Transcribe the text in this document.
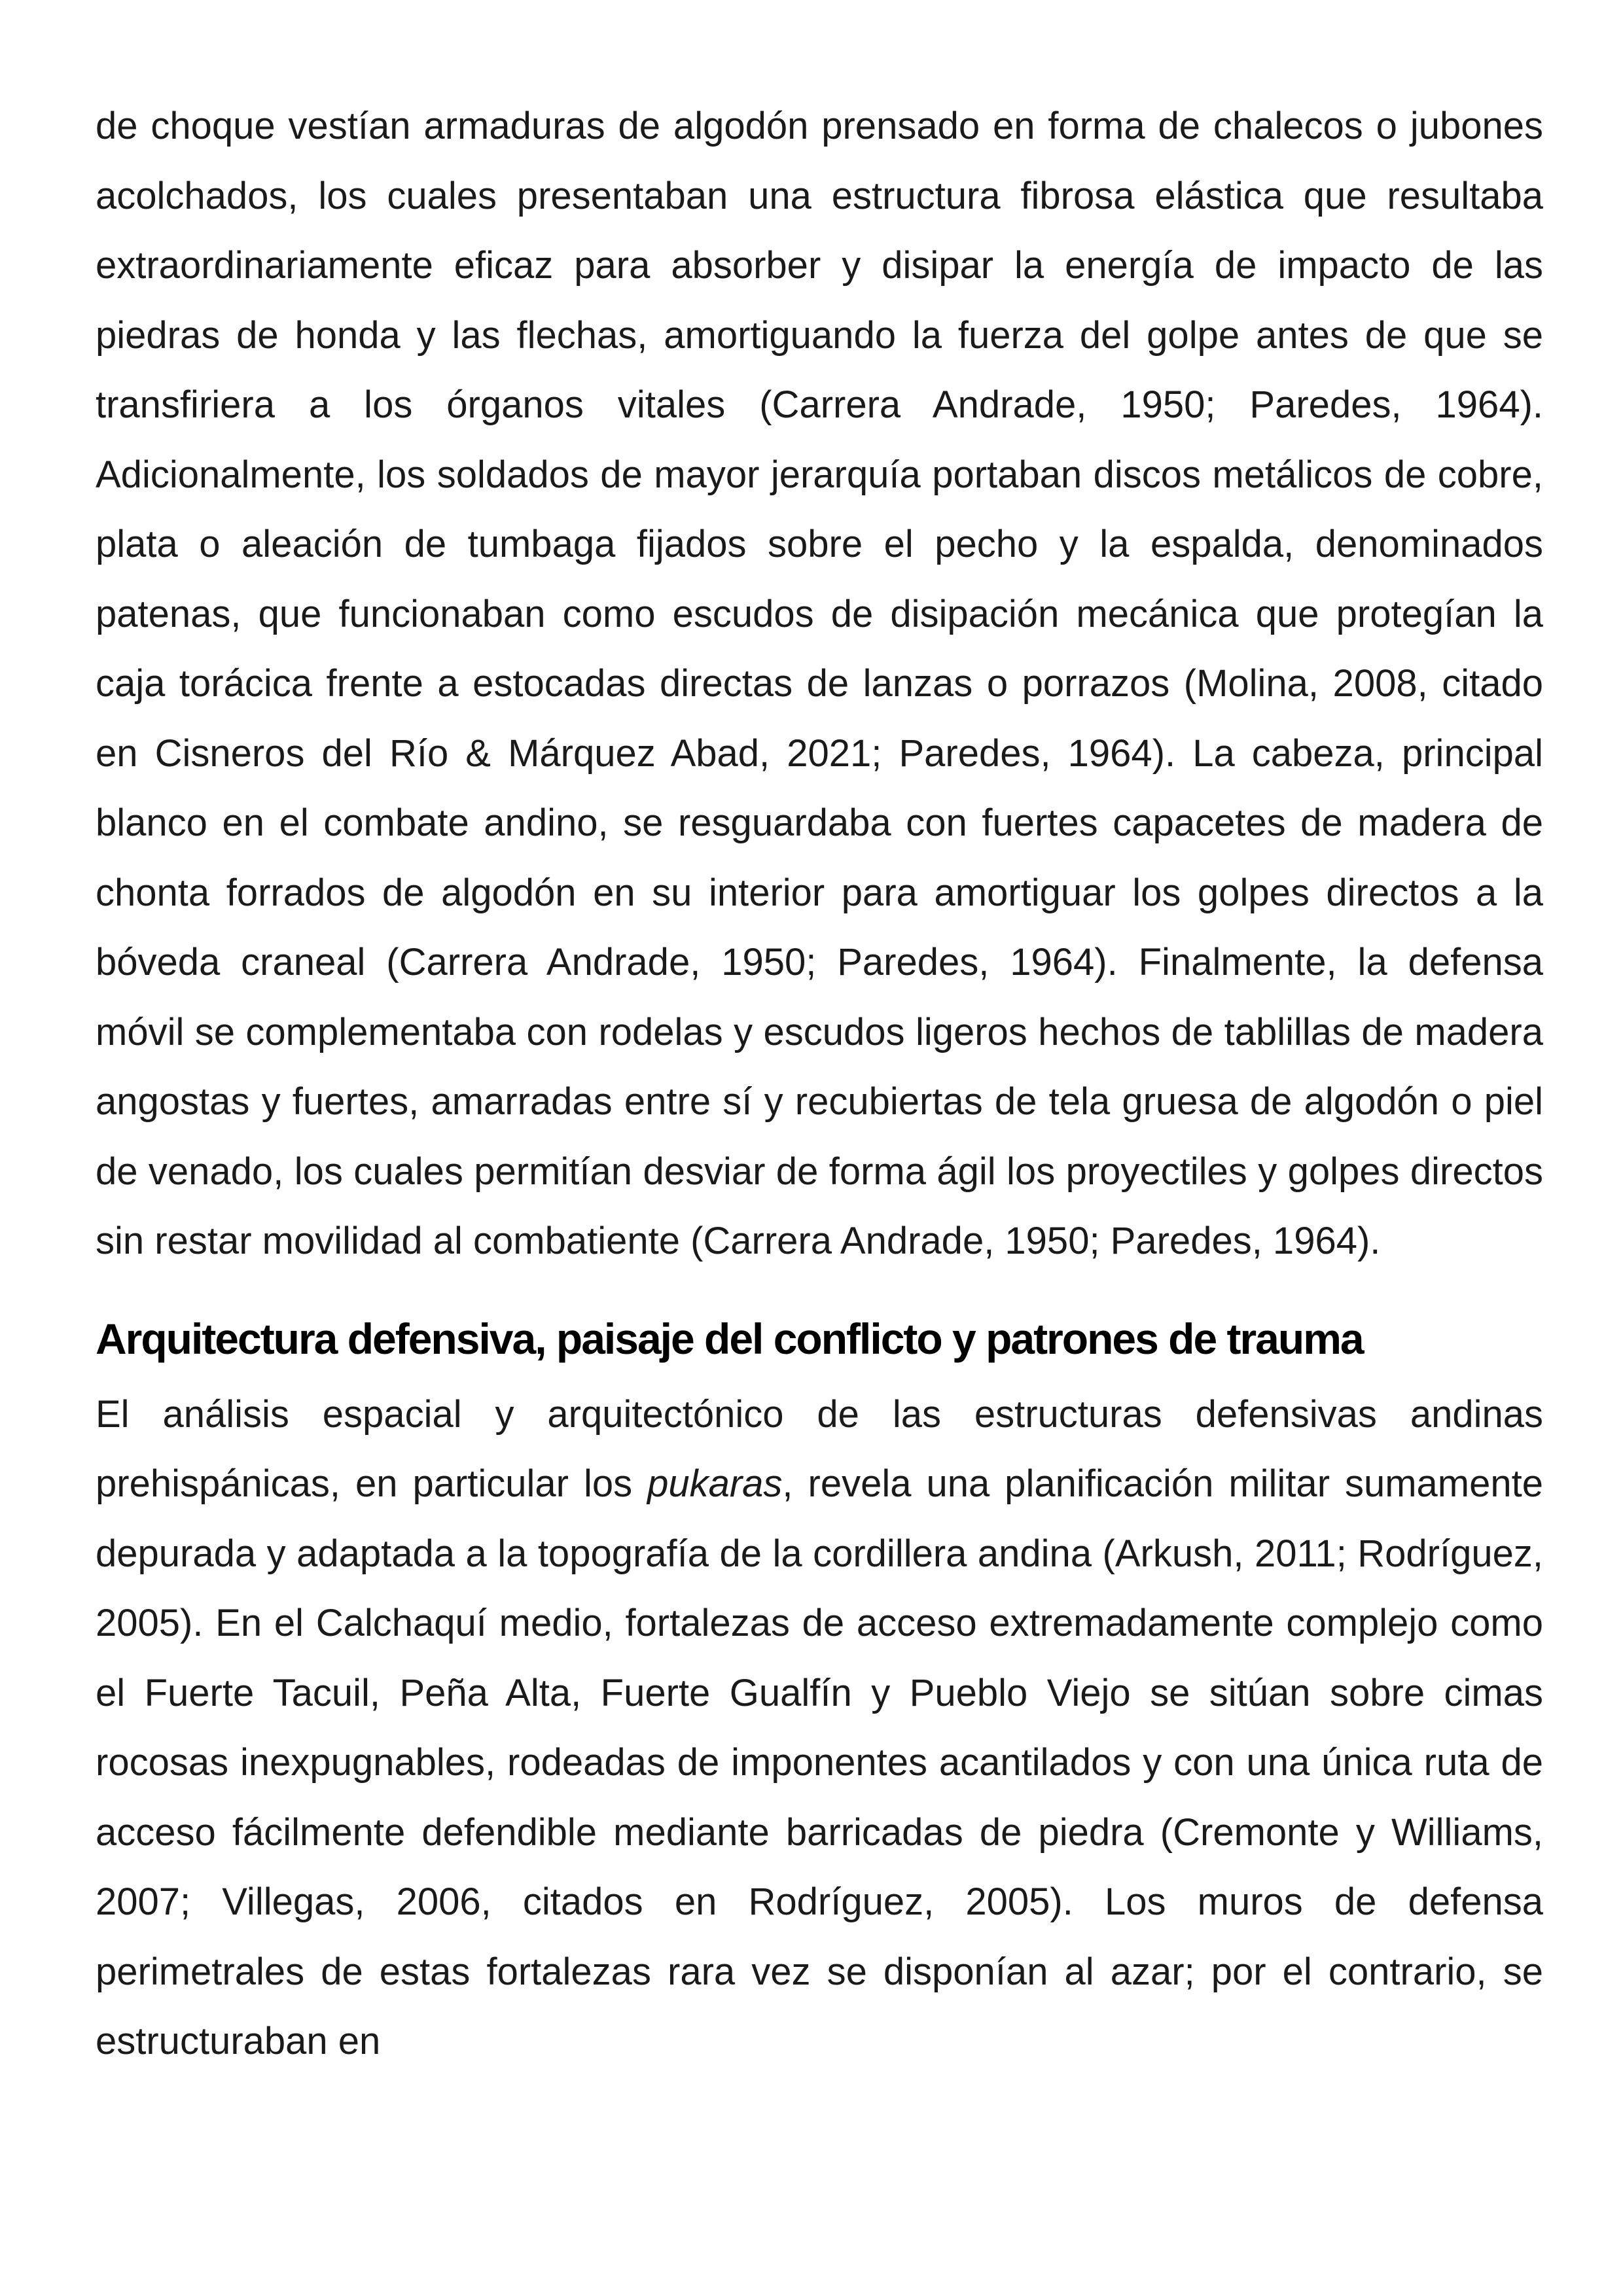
de choque vestían armaduras de algodón prensado en forma de chalecos o jubones acolchados, los cuales presentaban una estructura fibrosa elástica que resultaba extraordinariamente eficaz para absorber y disipar la energía de impacto de las piedras de honda y las flechas, amortiguando la fuerza del golpe antes de que se transfiriera a los órganos vitales (Carrera Andrade, 1950; Paredes, 1964). Adicionalmente, los soldados de mayor jerarquía portaban discos metálicos de cobre, plata o aleación de tumbaga fijados sobre el pecho y la espalda, denominados patenas, que funcionaban como escudos de disipación mecánica que protegían la caja torácica frente a estocadas directas de lanzas o porrazos (Molina, 2008, citado en Cisneros del Río & Márquez Abad, 2021; Paredes, 1964). La cabeza, principal blanco en el combate andino, se resguardaba con fuertes capacetes de madera de chonta forrados de algodón en su interior para amortiguar los golpes directos a la bóveda craneal (Carrera Andrade, 1950; Paredes, 1964). Finalmente, la defensa móvil se complementaba con rodelas y escudos ligeros hechos de tablillas de madera angostas y fuertes, amarradas entre sí y recubiertas de tela gruesa de algodón o piel de venado, los cuales permitían desviar de forma ágil los proyectiles y golpes directos sin restar movilidad al combatiente (Carrera Andrade, 1950; Paredes, 1964).

Arquitectura defensiva, paisaje del conflicto y patrones de trauma

El análisis espacial y arquitectónico de las estructuras defensivas andinas prehispánicas, en particular los pukaras, revela una planificación militar sumamente depurada y adaptada a la topografía de la cordillera andina (Arkush, 2011; Rodríguez, 2005). En el Calchaquí medio, fortalezas de acceso extremadamente complejo como el Fuerte Tacuil, Peña Alta, Fuerte Gualfín y Pueblo Viejo se sitúan sobre cimas rocosas inexpugnables, rodeadas de imponentes acantilados y con una única ruta de acceso fácilmente defendible mediante barricadas de piedra (Cremonte y Williams, 2007; Villegas, 2006, citados en Rodríguez, 2005). Los muros de defensa perimetrales de estas fortalezas rara vez se disponían al azar; por el contrario, se estructuraban en
